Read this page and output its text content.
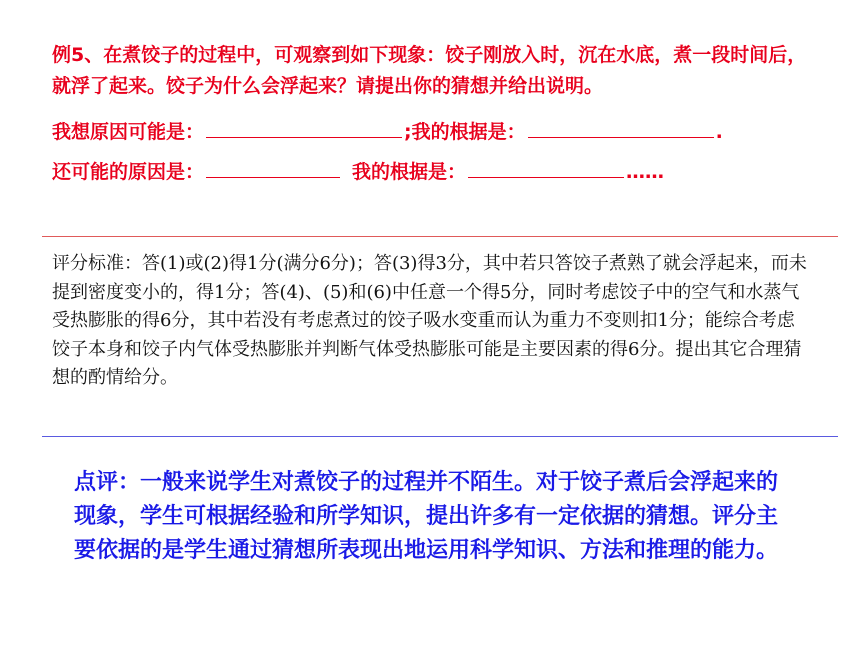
例5、在煮饺子的过程中，可观察到如下现象：饺子刚放入时，沉在水底，煮一段时间后，就浮了起来。饺子为什么会浮起来？请提出你的猜想并给出说明。

我想原因可能是：	;我的根据是：	.

还可能的原因是：	我的根据是：	……

评分标准：答(1)或(2)得1分(满分6分)；答(3)得3分，其中若只答饺子煮熟了就会浮起来，而未提到密度变小的，得1分；答(4)、(5)和(6)中任意一个得5分，同时考虑饺子中的空气和水蒸气受热膨胀的得6分，其中若没有考虑煮过的饺子吸水变重而认为重力不变则扣1分；能综合考虑饺子本身和饺子内气体受热膨胀并判断气体受热膨胀可能是主要因素的得6分。提出其它合理猜想的酌情给分。

点评：一般来说学生对煮饺子的过程并不陌生。对于饺子煮后会浮起来的现象，学生可根据经验和所学知识，提出许多有一定依据的猜想。评分主要依据的是学生通过猜想所表现出地运用科学知识、方法和推理的能力。
